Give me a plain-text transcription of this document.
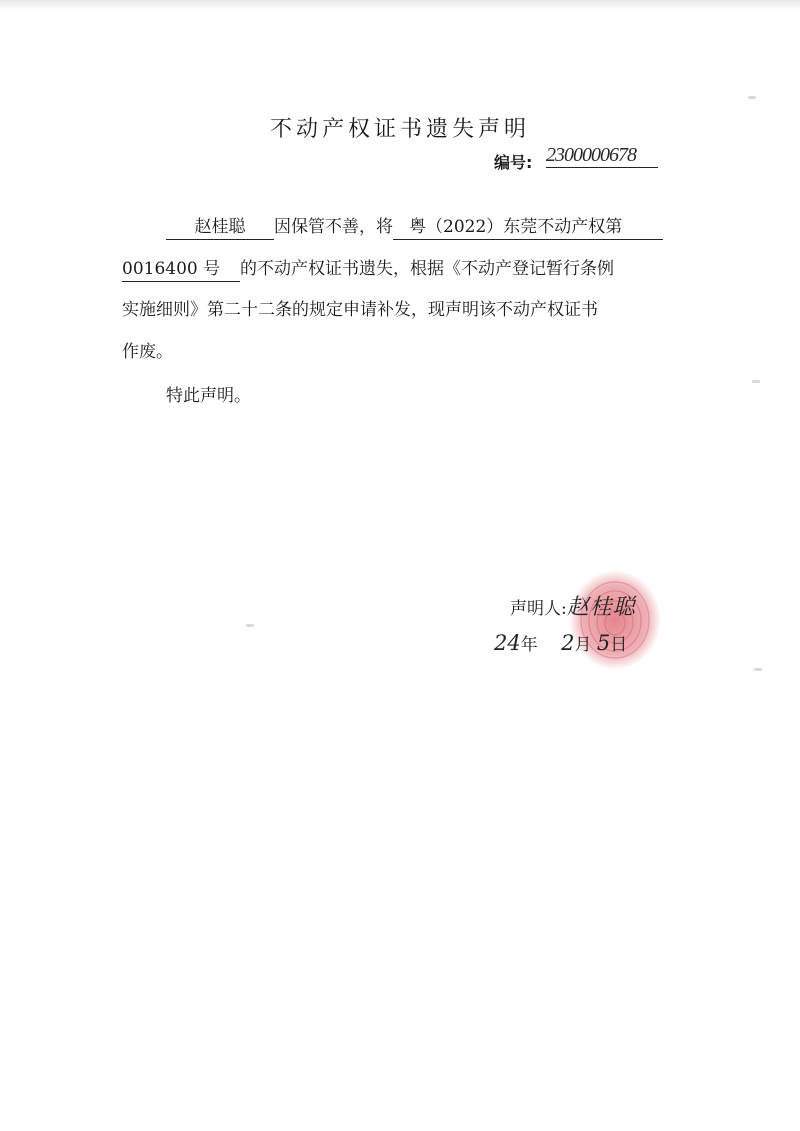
不动产权证书遗失声明
编号: 2300000678
赵桂聪 因保管不善，将 粤（2022）东莞不动产权第
0016400 号 的不动产权证书遗失，根据《不动产登记暂行条例
实施细则》第二十二条的规定申请补发，现声明该不动产权证书
作废。
特此声明。
声明人:赵桂聪
24年 2月 5日
